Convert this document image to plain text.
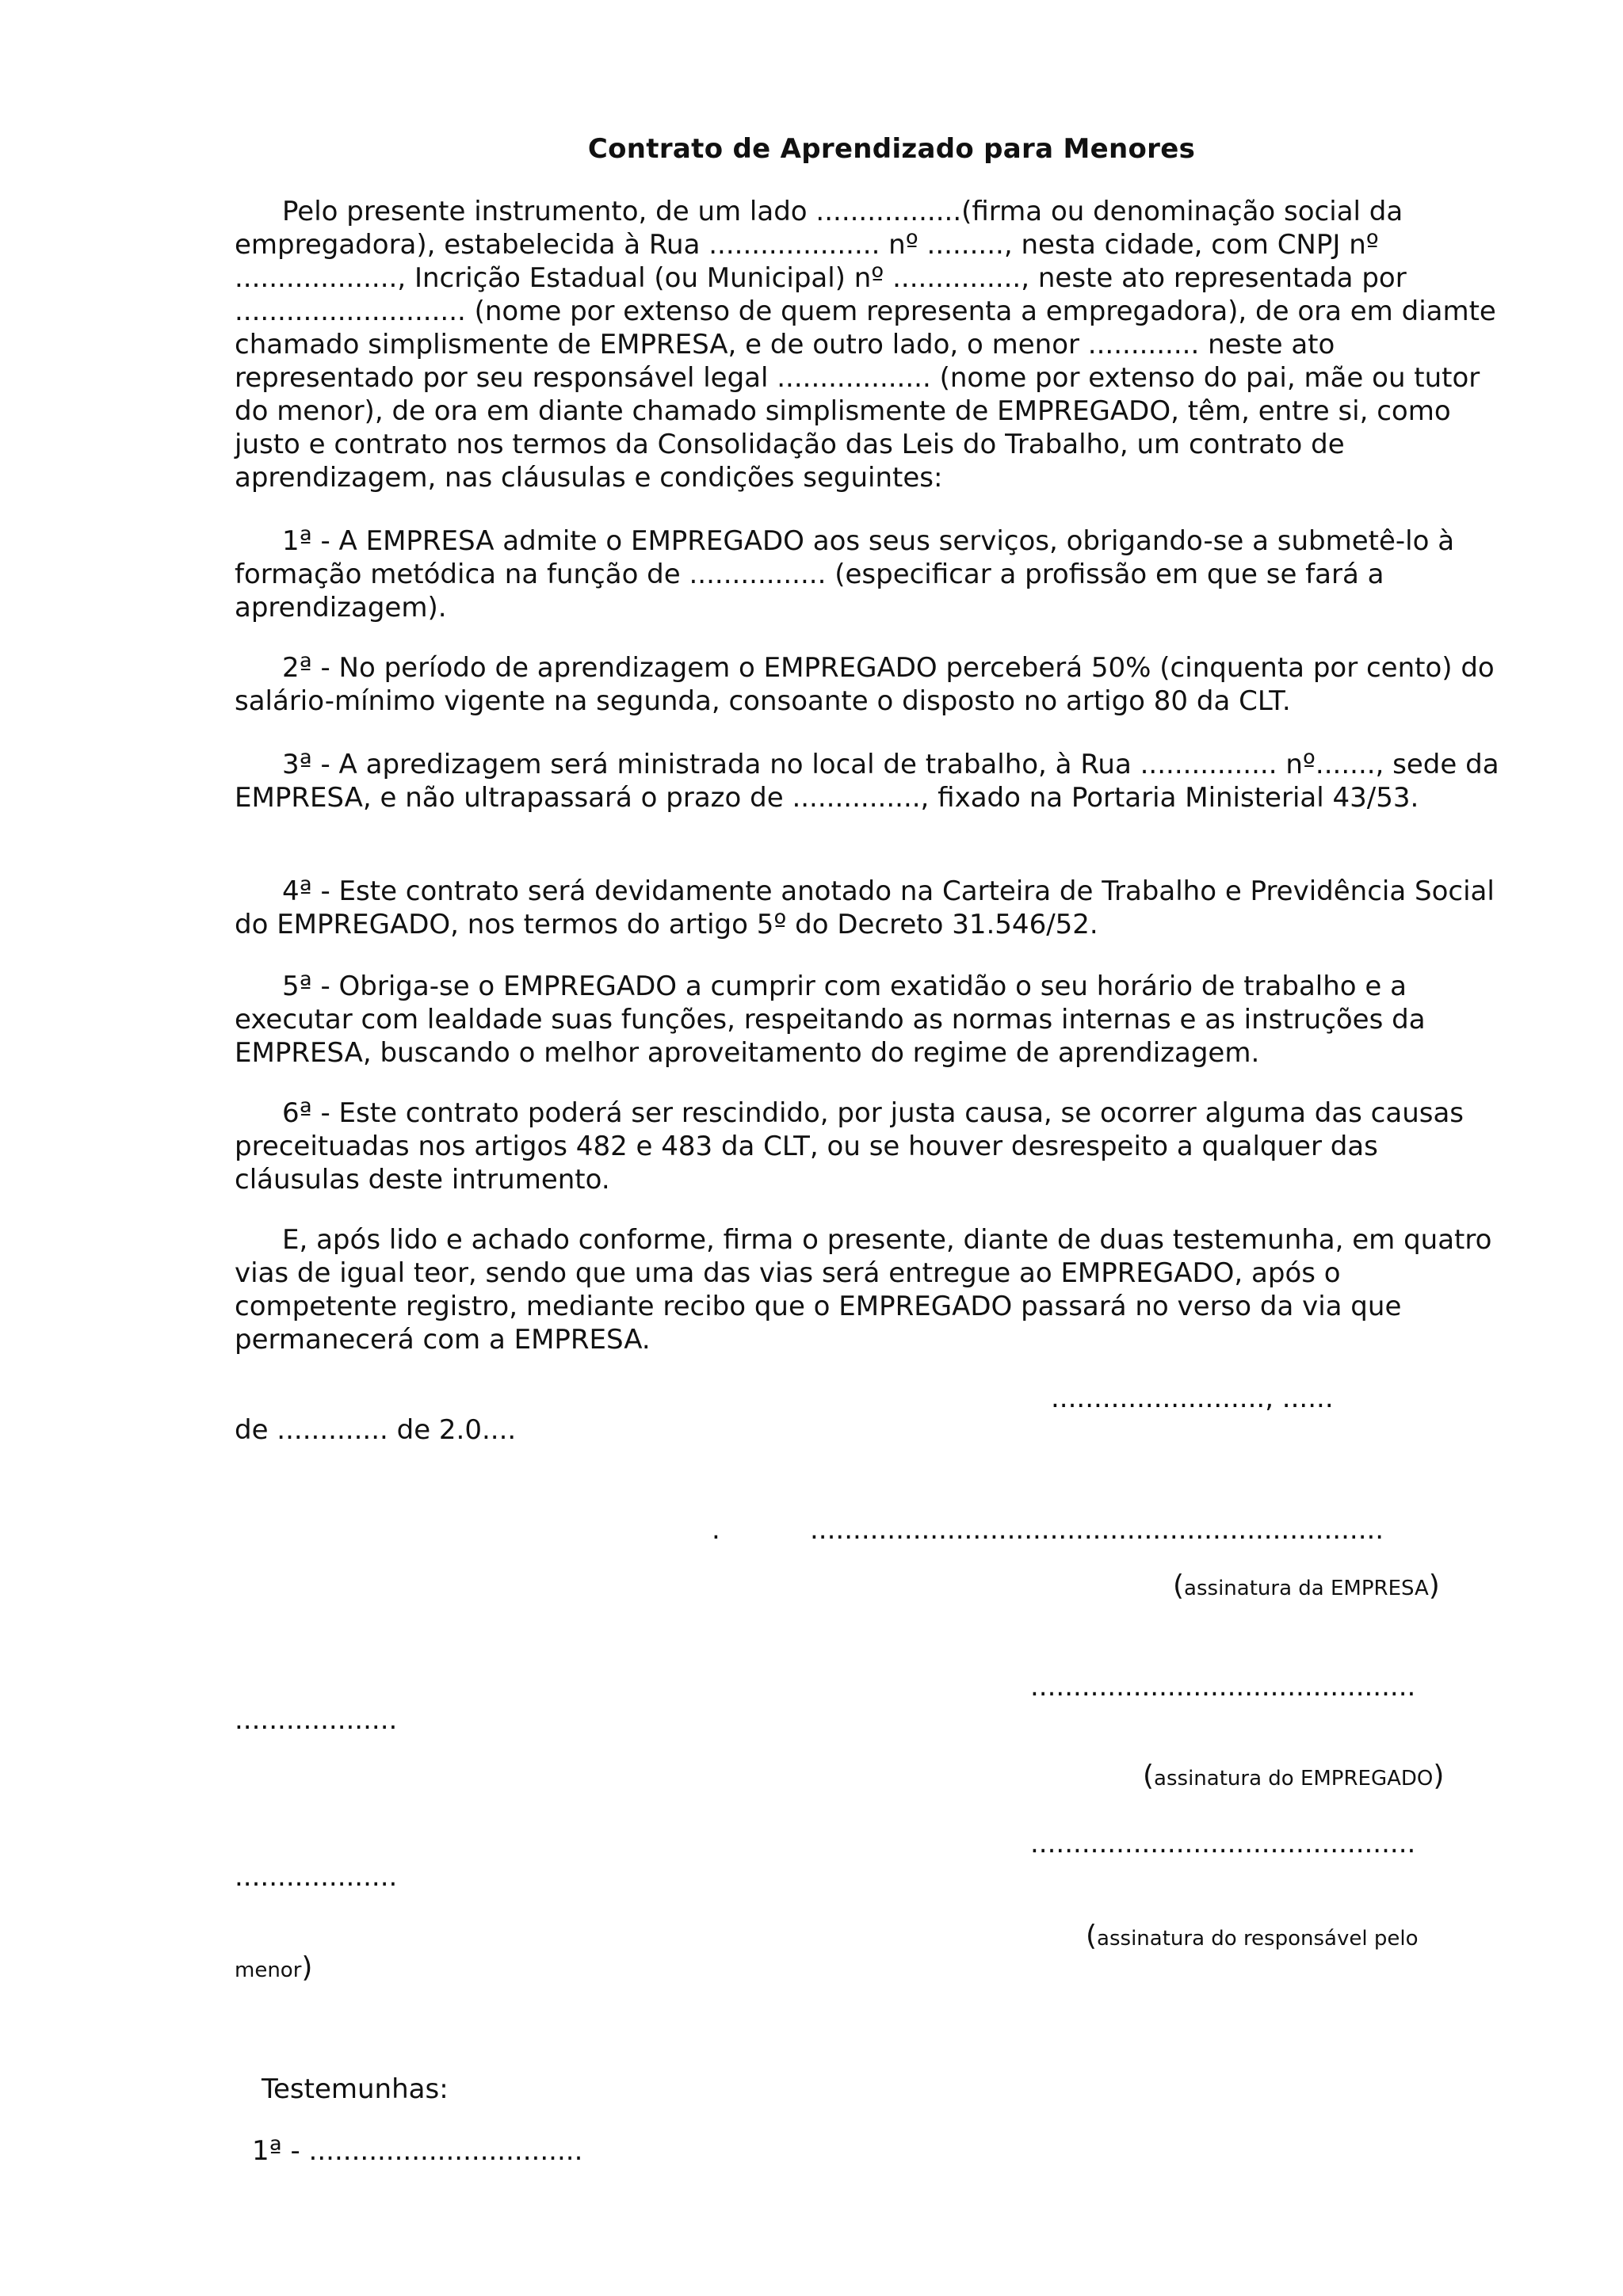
Contrato de Aprendizado para Menores

Pelo presente instrumento, de um lado .................(firma ou denominação social da empregadora), estabelecida à Rua .................... nº ........., nesta cidade, com CNPJ nº ..................., Incrição Estadual (ou Municipal) nº ..............., neste ato representada por ........................... (nome por extenso de quem representa a empregadora), de ora em diamte chamado simplismente de EMPRESA, e de outro lado, o menor ............. neste ato representado por seu responsável legal .................. (nome por extenso do pai, mãe ou tutor do menor), de ora em diante chamado simplismente de EMPREGADO, têm, entre si, como justo e contrato nos termos da Consolidação das Leis do Trabalho, um contrato de aprendizagem, nas cláusulas e condições seguintes:

1ª - A EMPRESA admite o EMPREGADO aos seus serviços, obrigando-se a submetê-lo à formação metódica na função de ................ (especificar a profissão em que se fará a aprendizagem).

2ª - No período de aprendizagem o EMPREGADO perceberá 50% (cinquenta por cento) do salário-mínimo vigente na segunda, consoante o disposto no artigo 80 da CLT.

3ª - A apredizagem será ministrada no local de trabalho, à Rua ................ nº......., sede da EMPRESA, e não ultrapassará o prazo de ..............., fixado na Portaria Ministerial 43/53.

4ª - Este contrato será devidamente anotado na Carteira de Trabalho e Previdência Social do EMPREGADO, nos termos do artigo 5º do Decreto 31.546/52.

5ª - Obriga-se o EMPREGADO a cumprir com exatidão o seu horário de trabalho e a executar com lealdade suas funções, respeitando as normas internas e as instruções da EMPRESA, buscando o melhor aproveitamento do regime de aprendizagem.

6ª - Este contrato poderá ser rescindido, por justa causa, se ocorrer alguma das causas preceituadas nos artigos 482 e 483 da CLT, ou se houver desrespeito a qualquer das cláusulas deste intrumento.

E, após lido e achado conforme, firma o presente, diante de duas testemunha, em quatro vias de igual teor, sendo que uma das vias será entregue ao EMPREGADO, após o competente registro, mediante recibo que o EMPREGADO passará no verso da via que permanecerá com a EMPRESA.

........................., ......
de ............. de 2.0....
.	...................................................................
(assinatura da EMPRESA)
.............................................
...................
(assinatura do EMPREGADO)
.............................................
...................
(assinatura do responsável pelo
menor)
Testemunhas:
1ª - ................................
